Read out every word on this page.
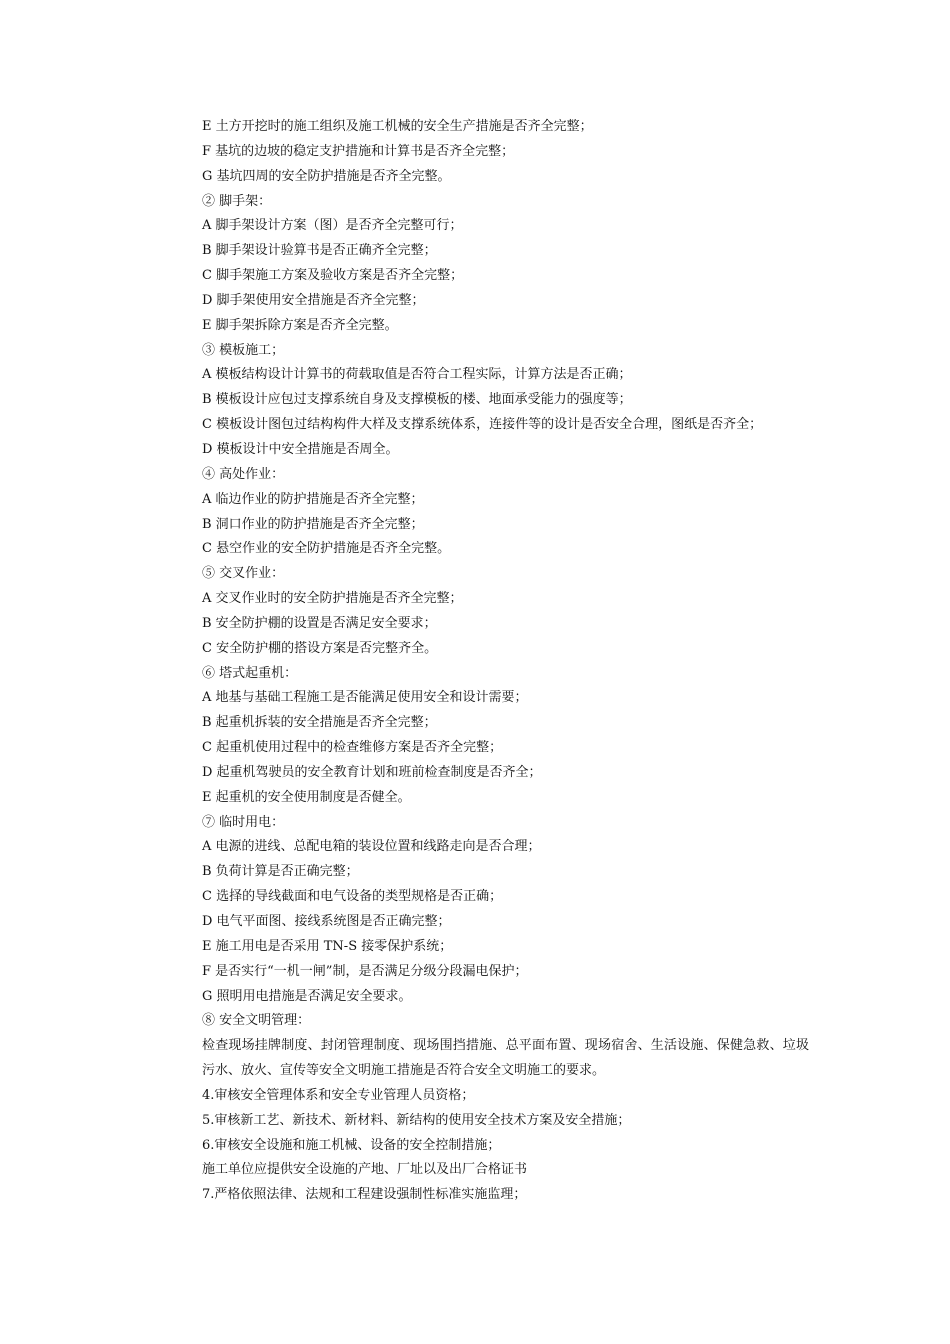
E 土方开挖时的施工组织及施工机械的安全生产措施是否齐全完整；
F 基坑的边坡的稳定支护措施和计算书是否齐全完整；
G 基坑四周的安全防护措施是否齐全完整。
② 脚手架：
A 脚手架设计方案（图）是否齐全完整可行；
B 脚手架设计验算书是否正确齐全完整；
C 脚手架施工方案及验收方案是否齐全完整；
D 脚手架使用安全措施是否齐全完整；
E 脚手架拆除方案是否齐全完整。
③ 模板施工；
A 模板结构设计计算书的荷载取值是否符合工程实际，计算方法是否正确；
B 模板设计应包过支撑系统自身及支撑模板的楼、地面承受能力的强度等；
C 模板设计图包过结构构件大样及支撑系统体系，连接件等的设计是否安全合理，图纸是否齐全；
D 模板设计中安全措施是否周全。
④ 高处作业：
A 临边作业的防护措施是否齐全完整；
B 洞口作业的防护措施是否齐全完整；
C 悬空作业的安全防护措施是否齐全完整。
⑤ 交叉作业：
A 交叉作业时的安全防护措施是否齐全完整；
B 安全防护棚的设置是否满足安全要求；
C 安全防护棚的搭设方案是否完整齐全。
⑥ 塔式起重机：
A 地基与基础工程施工是否能满足使用安全和设计需要；
B 起重机拆装的安全措施是否齐全完整；
C 起重机使用过程中的检查维修方案是否齐全完整；
D 起重机驾驶员的安全教育计划和班前检查制度是否齐全；
E 起重机的安全使用制度是否健全。
⑦ 临时用电：
A 电源的进线、总配电箱的装设位置和线路走向是否合理；
B 负荷计算是否正确完整；
C 选择的导线截面和电气设备的类型规格是否正确；
D 电气平面图、接线系统图是否正确完整；
E 施工用电是否采用 TN-S 接零保护系统；
F 是否实行“一机一闸”制，是否满足分级分段漏电保护；
G 照明用电措施是否满足安全要求。
⑧ 安全文明管理：
检查现场挂牌制度、封闭管理制度、现场围挡措施、总平面布置、现场宿舍、生活设施、保健急救、垃圾污水、放火、宣传等安全文明施工措施是否符合安全文明施工的要求。
4.审核安全管理体系和安全专业管理人员资格；
5.审核新工艺、新技术、新材料、新结构的使用安全技术方案及安全措施；
6.审核安全设施和施工机械、设备的安全控制措施；
施工单位应提供安全设施的产地、厂址以及出厂合格证书
7.严格依照法律、法规和工程建设强制性标准实施监理；
